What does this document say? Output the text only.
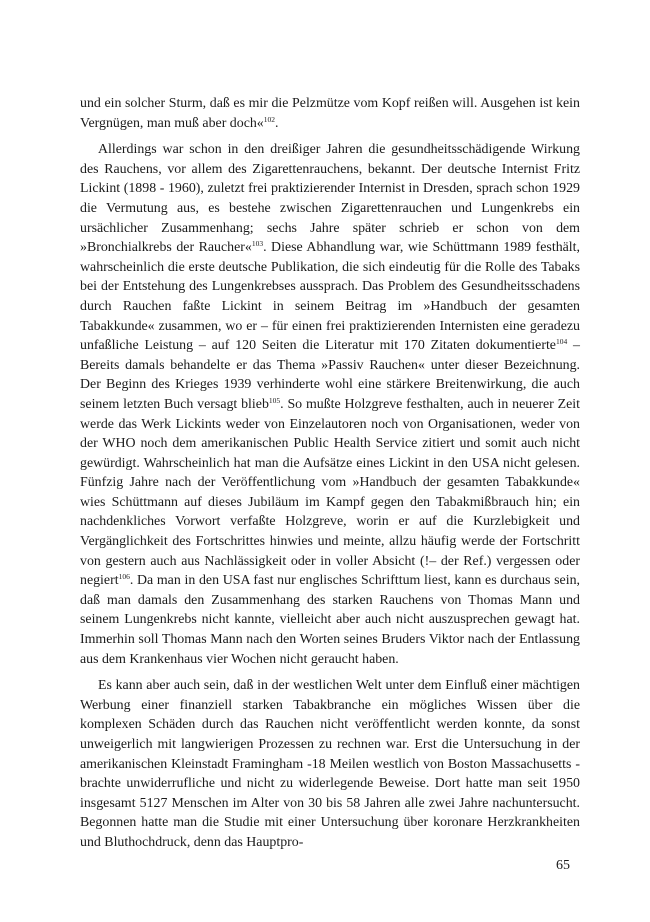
und ein solcher Sturm, daß es mir die Pelzmütze vom Kopf reißen will. Ausgehen ist kein Vergnügen, man muß aber doch«$^{102}$.

Allerdings war schon in den dreißiger Jahren die gesundheitsschädigende Wirkung des Rauchens, vor allem des Zigarettenrauchens, bekannt. Der deutsche Internist Fritz Lickint (1898 - 1960), zuletzt frei praktizierender Internist in Dresden, sprach schon 1929 die Vermutung aus, es bestehe zwischen Zigarettenrauchen und Lungenkrebs ein ursächlicher Zusammenhang; sechs Jahre später schrieb er schon von dem »Bronchialkrebs der Raucher«$^{103}$. Diese Abhandlung war, wie Schüttmann 1989 festhält, wahrscheinlich die erste deutsche Publikation, die sich eindeutig für die Rolle des Tabaks bei der Entstehung des Lungenkrebses aussprach. Das Problem des Gesundheitsschadens durch Rauchen faßte Lickint in seinem Beitrag im »Handbuch der gesamten Tabakkunde« zusammen, wo er – für einen frei praktizierenden Internisten eine geradezu unfaßliche Leistung – auf 120 Seiten die Literatur mit 170 Zitaten dokumentierte$^{104}$ – Bereits damals behandelte er das Thema »Passiv Rauchen« unter dieser Bezeichnung. Der Beginn des Krieges 1939 verhinderte wohl eine stärkere Breitenwirkung, die auch seinem letzten Buch versagt blieb$^{105}$. So mußte Holzgreve festhalten, auch in neuerer Zeit werde das Werk Lickints weder von Einzelautoren noch von Organisationen, weder von der WHO noch dem amerikanischen Public Health Service zitiert und somit auch nicht gewürdigt. Wahrscheinlich hat man die Aufsätze eines Lickint in den USA nicht gelesen. Fünfzig Jahre nach der Veröffentlichung vom »Handbuch der gesamten Tabakkunde« wies Schüttmann auf dieses Jubiläum im Kampf gegen den Tabakmißbrauch hin; ein nachdenkliches Vorwort verfaßte Holzgreve, worin er auf die Kurzlebigkeit und Vergänglichkeit des Fortschrittes hinwies und meinte, allzu häufig werde der Fortschritt von gestern auch aus Nachlässigkeit oder in voller Absicht (!– der Ref.) vergessen oder negiert$^{106}$. Da man in den USA fast nur englisches Schrifttum liest, kann es durchaus sein, daß man damals den Zusammenhang des starken Rauchens von Thomas Mann und seinem Lungenkrebs nicht kannte, vielleicht aber auch nicht auszusprechen gewagt hat. Immerhin soll Thomas Mann nach den Worten seines Bruders Viktor nach der Entlassung aus dem Krankenhaus vier Wochen nicht geraucht haben.

Es kann aber auch sein, daß in der westlichen Welt unter dem Einfluß einer mächtigen Werbung einer finanziell starken Tabakbranche ein mögliches Wissen über die komplexen Schäden durch das Rauchen nicht veröffentlicht werden konnte, da sonst unweigerlich mit langwierigen Prozessen zu rechnen war. Erst die Untersuchung in der amerikanischen Kleinstadt Framingham -18 Meilen westlich von Boston Massachusetts -brachte unwiderrufliche und nicht zu widerlegende Beweise. Dort hatte man seit 1950 insgesamt 5127 Menschen im Alter von 30 bis 58 Jahren alle zwei Jahre nachuntersucht. Begonnen hatte man die Studie mit einer Untersuchung über koronare Herzkrankheiten und Bluthochdruck, denn das Hauptpro-

65
